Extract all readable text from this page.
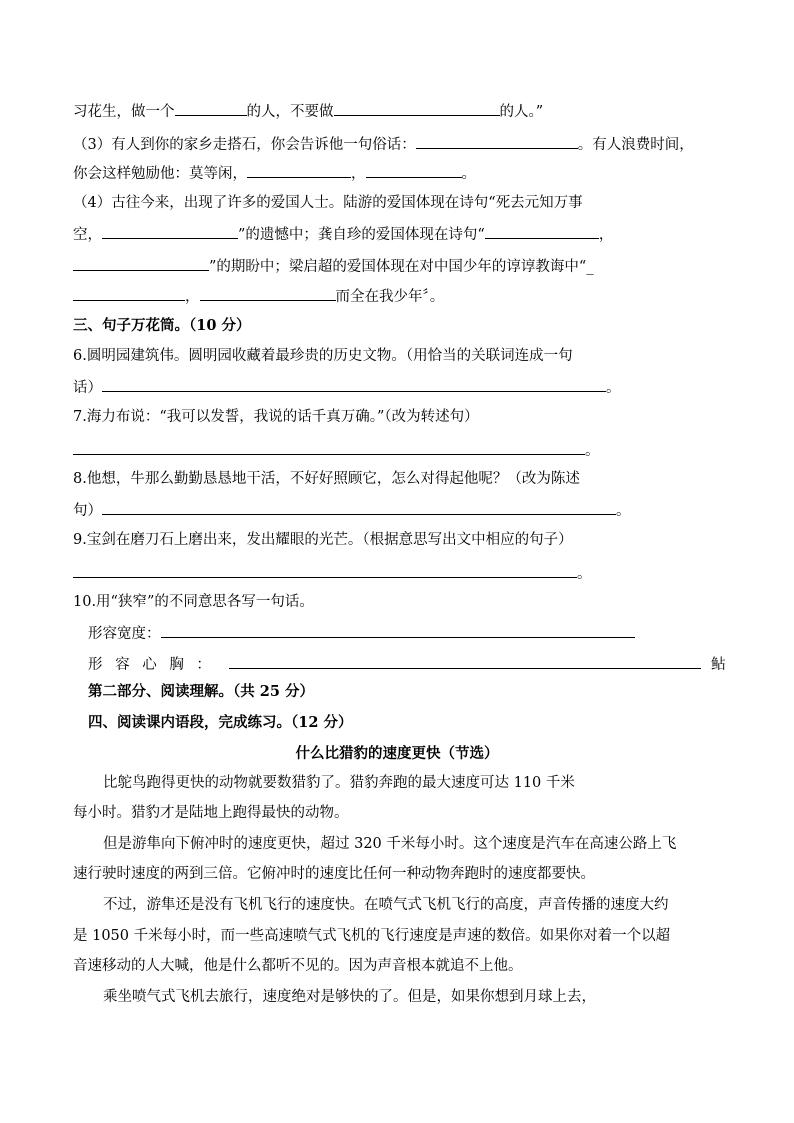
习花生，做一个	的人，不要做	的人。”
（3）有人到你的家乡走搭石，你会告诉他一句俗话：	。有人浪费时间，
你会这样勉励他：莫等闲，	，	。
（4）古往今来，出现了许多的爱国人士。陆游的爱国体现在诗句“死去元知万事
空，	”的遗憾中；龚自珍的爱国体现在诗句“	，
”的期盼中；梁启超的爱国体现在对中国少年的谆谆教诲中“_
，	而全在我少年〞。
三、句子万花筒。（10 分）
6.圆明园建筑伟。圆明园收藏着最珍贵的历史文物。（用恰当的关联词连成一句
话）	。
7.海力布说：“我可以发誓，我说的话千真万确。”（改为转述句）
。
8.他想，牛那么勤勤恳恳地干活，不好好照顾它，怎么对得起他呢？（改为陈述
句）	。
9.宝剑在磨刀石上磨出来，发出耀眼的光芒。（根据意思写出文中相应的句子）
。
10.用“狭窄”的不同意思各写一句话。
形容宽度：
形 容 心 胸 ：	鲇
第二部分、阅读理解。（共 25 分）
四、阅读课内语段，完成练习。（12 分）
什么比猎豹的速度更快（节选）
比鸵鸟跑得更快的动物就要数猎豹了。猎豹奔跑的最大速度可达 110 千米
每小时。猎豹才是陆地上跑得最快的动物。
但是游隼向下俯冲时的速度更快，超过 320 千米每小时。这个速度是汽车在高速公路上飞
速行驶时速度的两到三倍。它俯冲时的速度比任何一种动物奔跑时的速度都要快。
不过，游隼还是没有飞机飞行的速度快。在喷气式飞机飞行的高度，声音传播的速度大约
是 1050 千米每小时，而一些高速喷气式飞机的飞行速度是声速的数倍。如果你对着一个以超
音速移动的人大喊，他是什么都听不见的。因为声音根本就追不上他。
乘坐喷气式飞机去旅行，速度绝对是够快的了。但是，如果你想到月球上去，
